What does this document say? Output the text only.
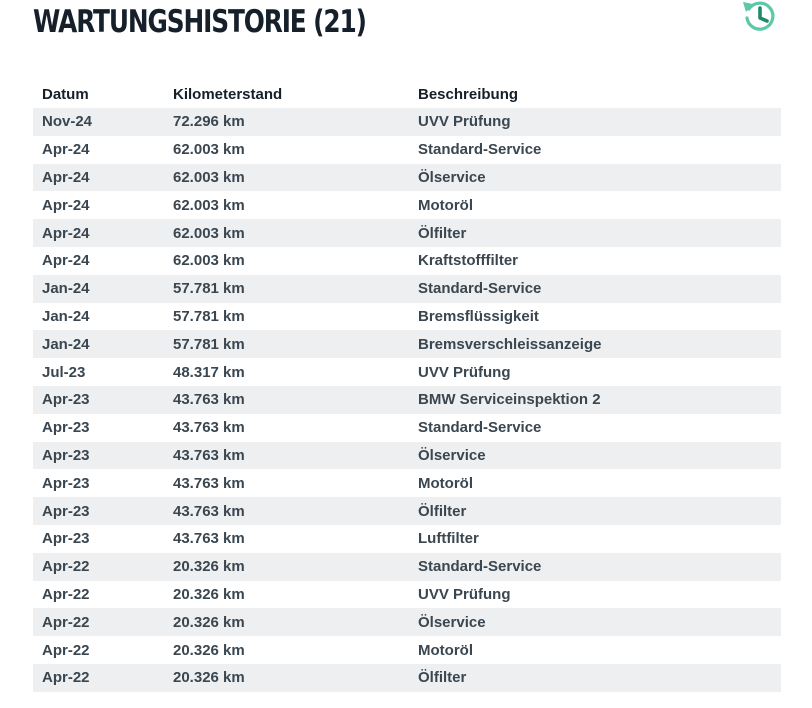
WARTUNGSHISTORIE (21)
Datum	Kilometerstand	Beschreibung
Nov-24	72.296 km	UVV Prüfung
Apr-24	62.003 km	Standard-Service
Apr-24	62.003 km	Ölservice
Apr-24	62.003 km	Motoröl
Apr-24	62.003 km	Ölfilter
Apr-24	62.003 km	Kraftstofffilter
Jan-24	57.781 km	Standard-Service
Jan-24	57.781 km	Bremsflüssigkeit
Jan-24	57.781 km	Bremsverschleissanzeige
Jul-23	48.317 km	UVV Prüfung
Apr-23	43.763 km	BMW Serviceinspektion 2
Apr-23	43.763 km	Standard-Service
Apr-23	43.763 km	Ölservice
Apr-23	43.763 km	Motoröl
Apr-23	43.763 km	Ölfilter
Apr-23	43.763 km	Luftfilter
Apr-22	20.326 km	Standard-Service
Apr-22	20.326 km	UVV Prüfung
Apr-22	20.326 km	Ölservice
Apr-22	20.326 km	Motoröl
Apr-22	20.326 km	Ölfilter
